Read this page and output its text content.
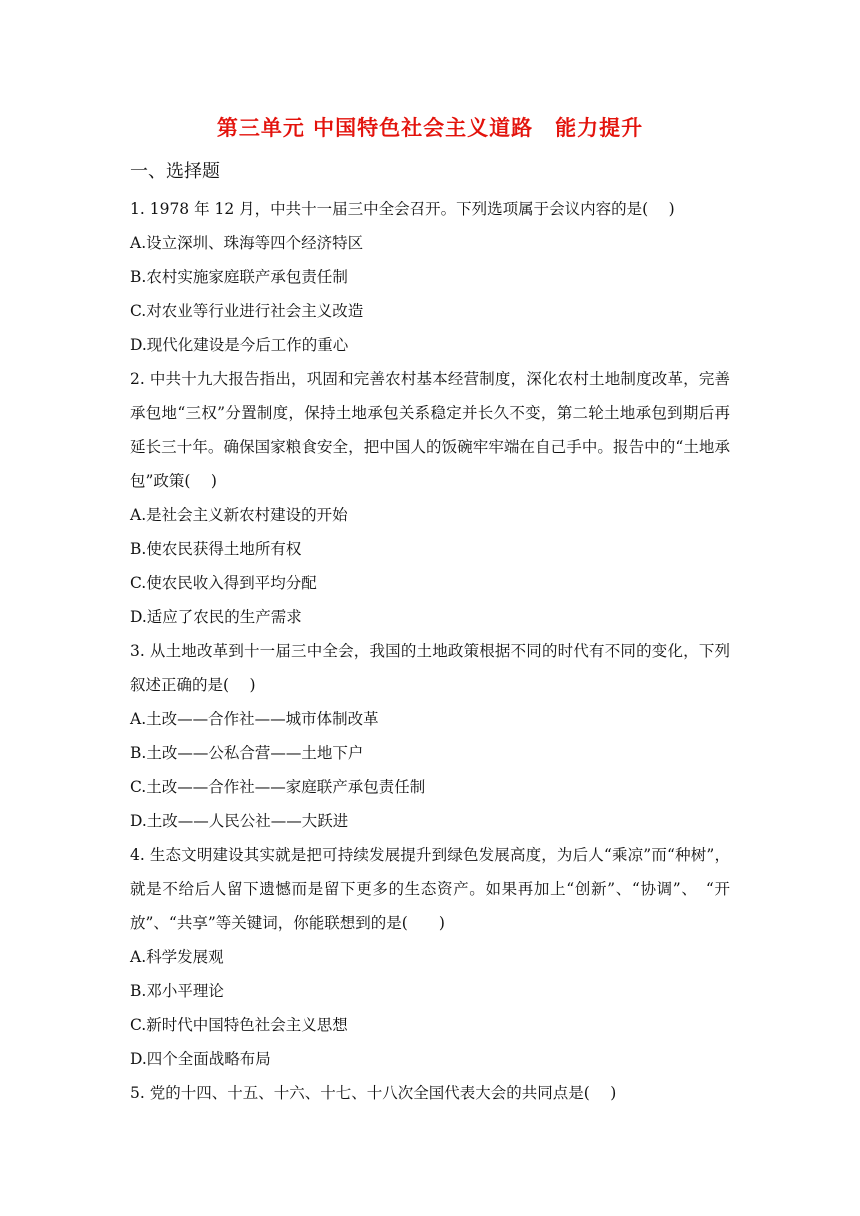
第三单元 中国特色社会主义道路　能力提升
一、选择题
1. 1978 年 12 月，中共十一届三中全会召开。下列选项属于会议内容的是(　 )
A.设立深圳、珠海等四个经济特区
B.农村实施家庭联产承包责任制
C.对农业等行业进行社会主义改造
D.现代化建设是今后工作的重心
2. 中共十九大报告指出，巩固和完善农村基本经营制度，深化农村土地制度改革，完善承包地“三权”分置制度，保持土地承包关系稳定并长久不变，第二轮土地承包到期后再延长三十年。确保国家粮食安全，把中国人的饭碗牢牢端在自己手中。报告中的“土地承包”政策(　 )
A.是社会主义新农村建设的开始
B.使农民获得土地所有权
C.使农民收入得到平均分配
D.适应了农民的生产需求
3. 从土地改革到十一届三中全会，我国的土地政策根据不同的时代有不同的变化，下列叙述正确的是(　 )
A.土改——合作社——城市体制改革
B.土改——公私合营——土地下户
C.土改——合作社——家庭联产承包责任制
D.土改——人民公社——大跃进
4. 生态文明建设其实就是把可持续发展提升到绿色发展高度，为后人“乘凉”而“种树”，就是不给后人留下遗憾而是留下更多的生态资产。如果再加上“创新”、“协调”、　“开放”、“共享”等关键词，你能联想到的是(　　)
A.科学发展观
B.邓小平理论
C.新时代中国特色社会主义思想
D.四个全面战略布局
5. 党的十四、十五、十六、十七、十八次全国代表大会的共同点是(　 )
